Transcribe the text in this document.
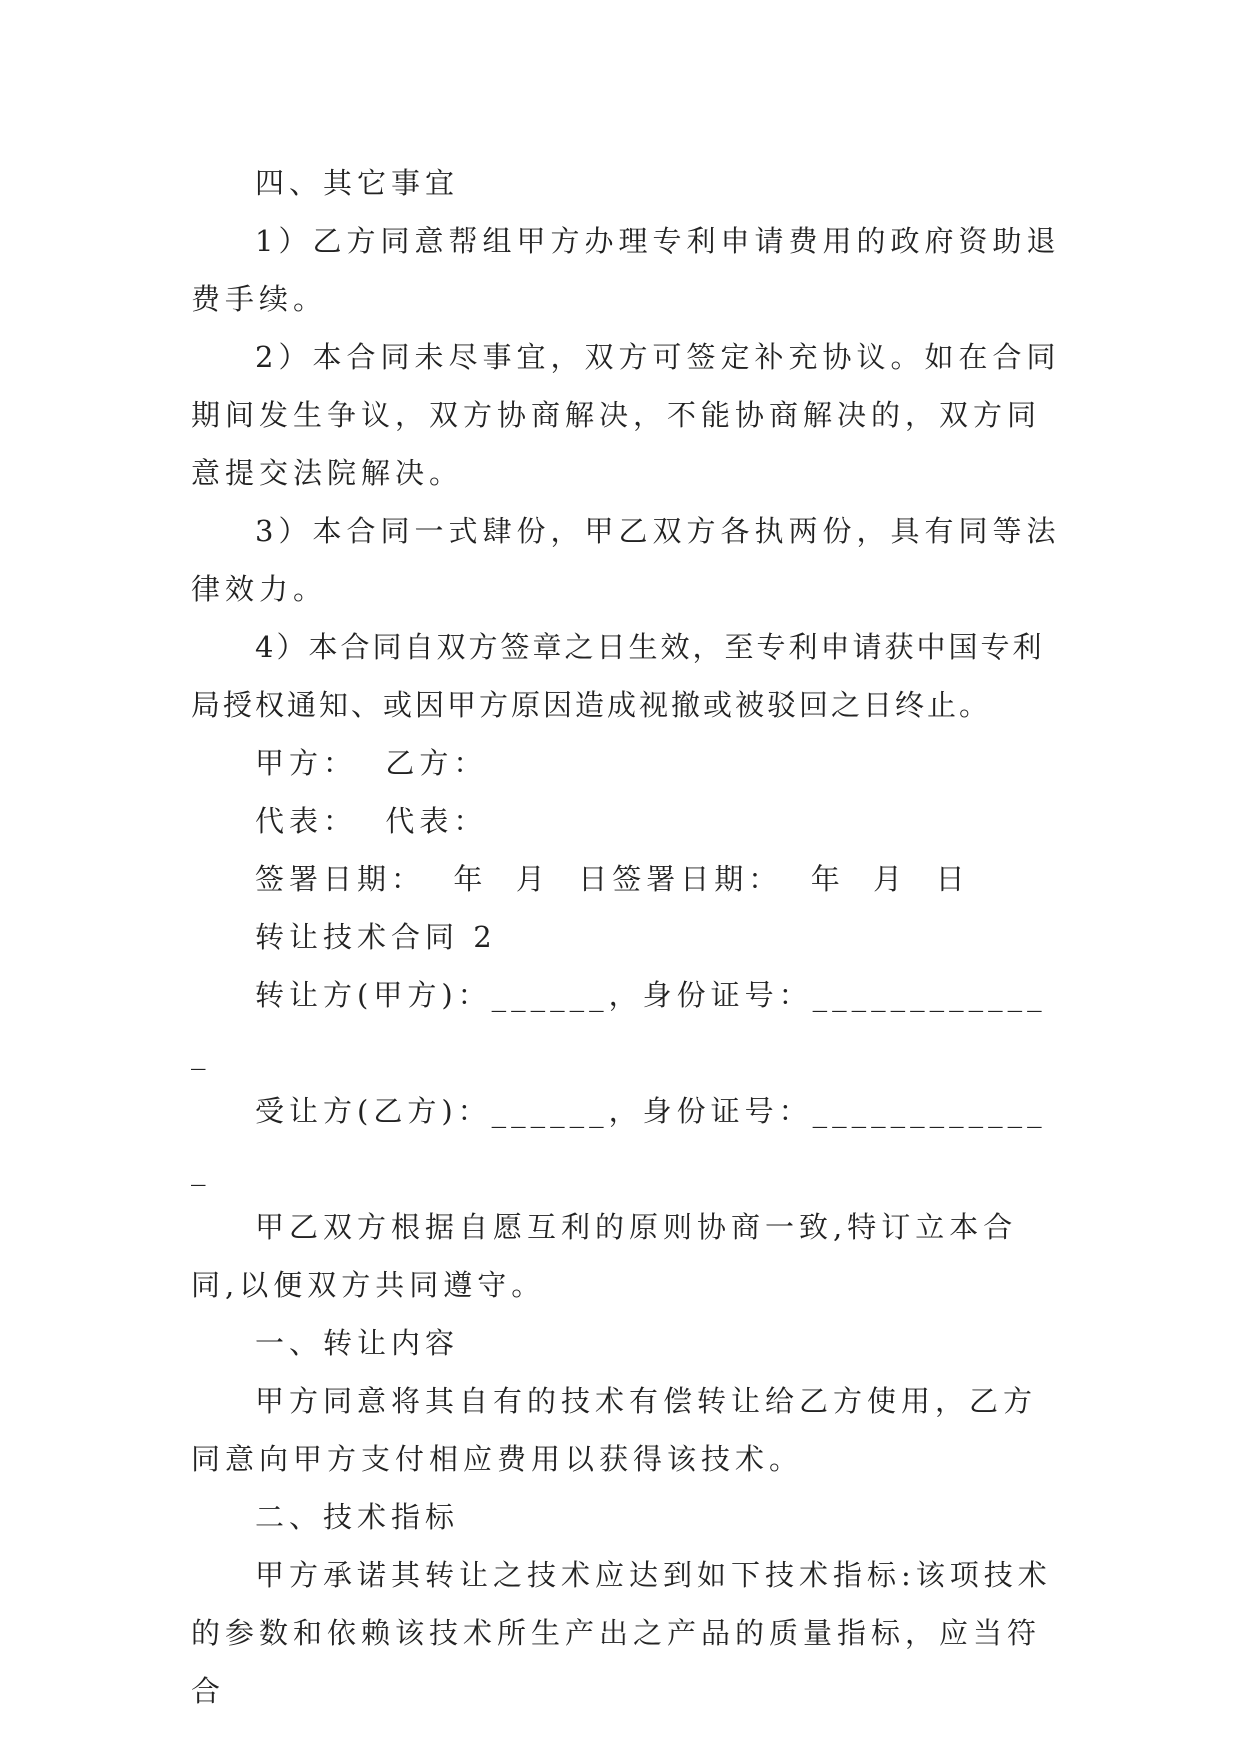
四、其它事宜

1）乙方同意帮组甲方办理专利申请费用的政府资助退费手续。

2）本合同未尽事宜，双方可签定补充协议。如在合同期间发生争议，双方协商解决，不能协商解决的，双方同意提交法院解决。

3）本合同一式肆份，甲乙双方各执两份，具有同等法律效力。

4）本合同自双方签章之日生效，至专利申请获中国专利局授权通知、或因甲方原因造成视撤或被驳回之日终止。

甲方：  乙方：

代表：  代表：

签署日期：  年  月  日签署日期：  年  月  日

转让技术合同 2

转让方(甲方)：______，身份证号：_____________

受让方(乙方)：______，身份证号：_____________

甲乙双方根据自愿互利的原则协商一致,特订立本合同,以便双方共同遵守。

一、转让内容

甲方同意将其自有的技术有偿转让给乙方使用，乙方同意向甲方支付相应费用以获得该技术。

二、技术指标

甲方承诺其转让之技术应达到如下技术指标:该项技术的参数和依赖该技术所生产出之产品的质量指标，应当符合
